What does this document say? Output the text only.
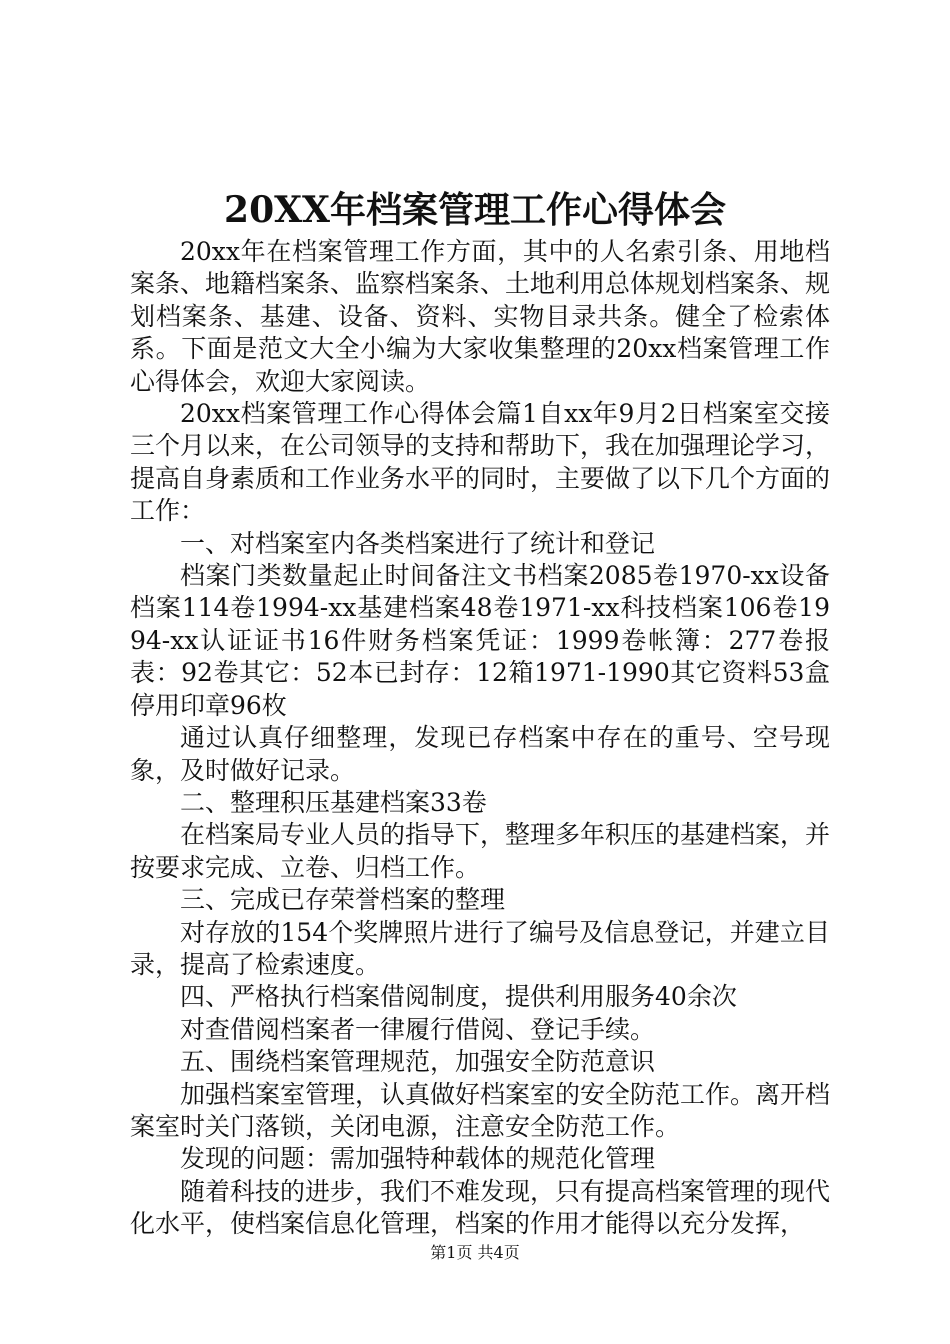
20XX年档案管理工作心得体会

20xx年在档案管理工作方面，其中的人名索引条、用地档案条、地籍档案条、监察档案条、土地利用总体规划档案条、规划档案条、基建、设备、资料、实物目录共条。健全了检索体系。下面是范文大全小编为大家收集整理的20xx档案管理工作心得体会，欢迎大家阅读。

20xx档案管理工作心得体会篇1自xx年9月2日档案室交接三个月以来，在公司领导的支持和帮助下，我在加强理论学习，提高自身素质和工作业务水平的同时，主要做了以下几个方面的工作：

一、对档案室内各类档案进行了统计和登记

档案门类数量起止时间备注文书档案2085卷1970-xx设备档案114卷1994-xx基建档案48卷1971-xx科技档案106卷1994-xx认证证书16件财务档案凭证：1999卷帐簿：277卷报表：92卷其它：52本已封存：12箱1971-1990其它资料53盒停用印章96枚

通过认真仔细整理，发现已存档案中存在的重号、空号现象，及时做好记录。

二、整理积压基建档案33卷

在档案局专业人员的指导下，整理多年积压的基建档案，并按要求完成、立卷、归档工作。

三、完成已存荣誉档案的整理

对存放的154个奖牌照片进行了编号及信息登记，并建立目录，提高了检索速度。

四、严格执行档案借阅制度，提供利用服务40余次

对查借阅档案者一律履行借阅、登记手续。

五、围绕档案管理规范，加强安全防范意识

加强档案室管理，认真做好档案室的安全防范工作。离开档案室时关门落锁，关闭电源，注意安全防范工作。

发现的问题：需加强特种载体的规范化管理

随着科技的进步，我们不难发现，只有提高档案管理的现代化水平，使档案信息化管理，档案的作用才能得以充分发挥，

第1页 共4页
